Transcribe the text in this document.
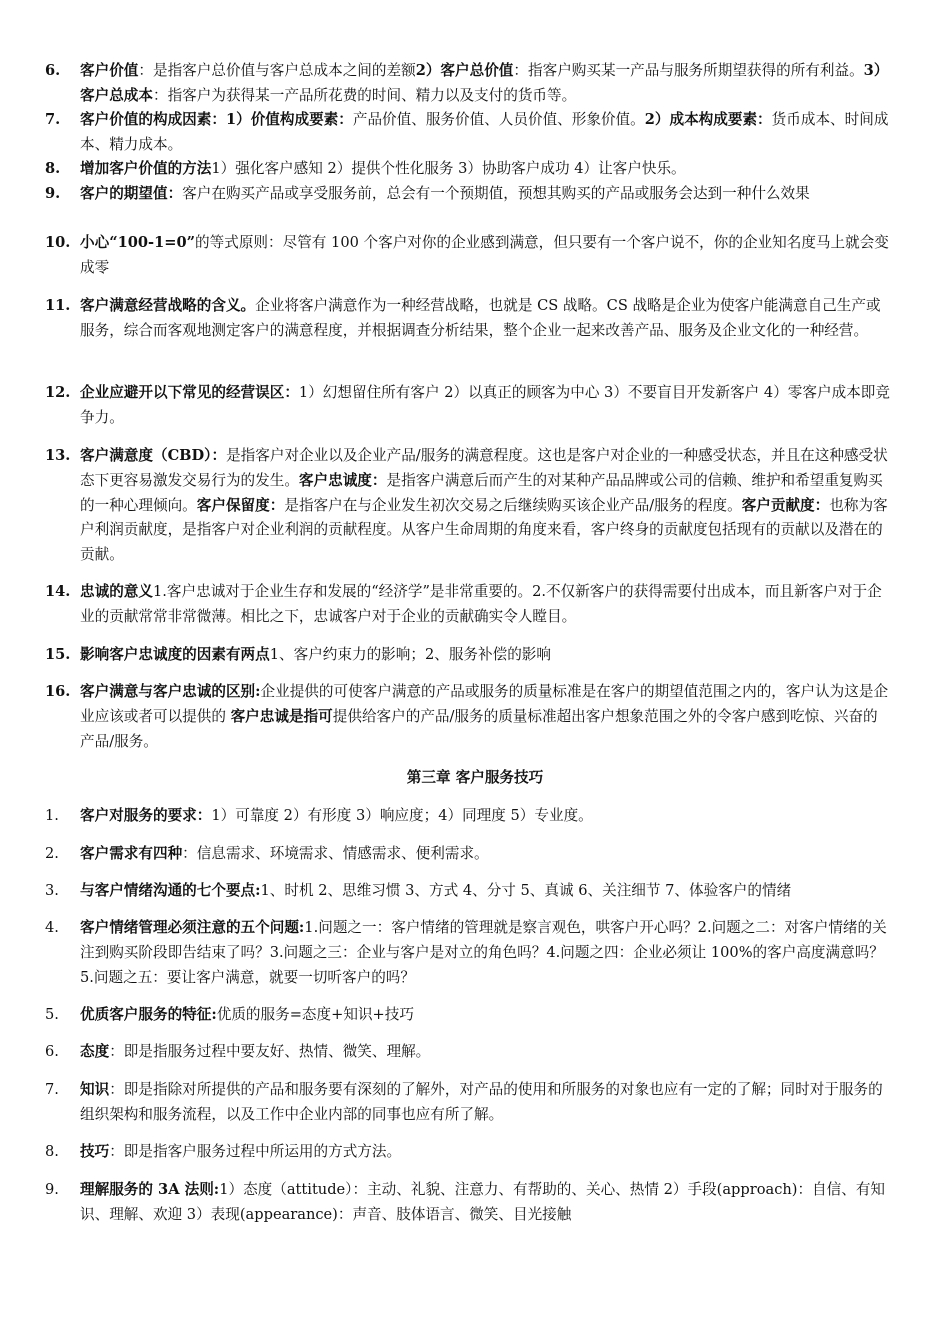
6.	客户价值：是指客户总价值与客户总成本之间的差额2）客户总价值：指客户购买某一产品与服务所期望获得的所有利益。3）客户总成本：指客户为获得某一产品所花费的时间、精力以及支付的货币等。
7.	客户价值的构成因素：1）价值构成要素：产品价值、服务价值、人员价值、形象价值。2）成本构成要素：货币成本、时间成本、精力成本。
8.	增加客户价值的方法1）强化客户感知 2）提供个性化服务 3）协助客户成功 4）让客户快乐。
9.	客户的期望值：客户在购买产品或享受服务前，总会有一个预期值，预想其购买的产品或服务会达到一种什么效果
10. 小心“100-1=0”的等式原则：尽管有 100 个客户对你的企业感到满意，但只要有一个客户说不，你的企业知名度马上就会变成零
11. 客户满意经营战略的含义。企业将客户满意作为一种经营战略，也就是 CS 战略。CS 战略是企业为使客户能满意自己生产或服务，综合而客观地测定客户的满意程度，并根据调查分析结果，整个企业一起来改善产品、服务及企业文化的一种经营。
12. 企业应避开以下常见的经营误区：1）幻想留住所有客户 2）以真正的顾客为中心 3）不要盲目开发新客户 4）零客户成本即竞争力。
13. 客户满意度（CBD）：是指客户对企业以及企业产品/服务的满意程度。这也是客户对企业的一种感受状态，并且在这种感受状态下更容易激发交易行为的发生。客户忠诚度：是指客户满意后而产生的对某种产品品牌或公司的信赖、维护和希望重复购买的一种心理倾向。客户保留度：是指客户在与企业发生初次交易之后继续购买该企业产品/服务的程度。客户贡献度：也称为客户利润贡献度，是指客户对企业利润的贡献程度。从客户生命周期的角度来看，客户终身的贡献度包括现有的贡献以及潜在的贡献。
14. 忠诚的意义1.客户忠诚对于企业生存和发展的“经济学”是非常重要的。2.不仅新客户的获得需要付出成本，而且新客户对于企业的贡献常常非常微薄。相比之下，忠诚客户对于企业的贡献确实令人瞠目。
15. 影响客户忠诚度的因素有两点1、客户约束力的影响；2、服务补偿的影响
16. 客户满意与客户忠诚的区别:企业提供的可使客户满意的产品或服务的质量标准是在客户的期望值范围之内的，客户认为这是企业应该或者可以提供的 客户忠诚是指可提供给客户的产品/服务的质量标准超出客户想象范围之外的令客户感到吃惊、兴奋的产品/服务。
第三章 客户服务技巧
1.	客户对服务的要求：1）可靠度 2）有形度 3）响应度；4）同理度 5）专业度。
2.	客户需求有四种：信息需求、环境需求、情感需求、便利需求。
3.	与客户情绪沟通的七个要点:1、时机 2、思维习惯 3、方式 4、分寸 5、真诚 6、关注细节 7、体验客户的情绪
4.	客户情绪管理必须注意的五个问题:1.问题之一：客户情绪的管理就是察言观色，哄客户开心吗？2.问题之二：对客户情绪的关注到购买阶段即告结束了吗？3.问题之三：企业与客户是对立的角色吗？4.问题之四：企业必须让 100%的客户高度满意吗？5.问题之五：要让客户满意，就要一切听客户的吗？
5.	优质客户服务的特征:优质的服务=态度+知识+技巧
6.	态度：即是指服务过程中要友好、热情、微笑、理解。
7.	知识：即是指除对所提供的产品和服务要有深刻的了解外，对产品的使用和所服务的对象也应有一定的了解；同时对于服务的组织架构和服务流程，以及工作中企业内部的同事也应有所了解。
8.	技巧：即是指客户服务过程中所运用的方式方法。
9.	理解服务的 3A 法则:1）态度（attitude）：主动、礼貌、注意力、有帮助的、关心、热情 2）手段(approach)：自信、有知识、理解、欢迎 3）表现(appearance)：声音、肢体语言、微笑、目光接触
